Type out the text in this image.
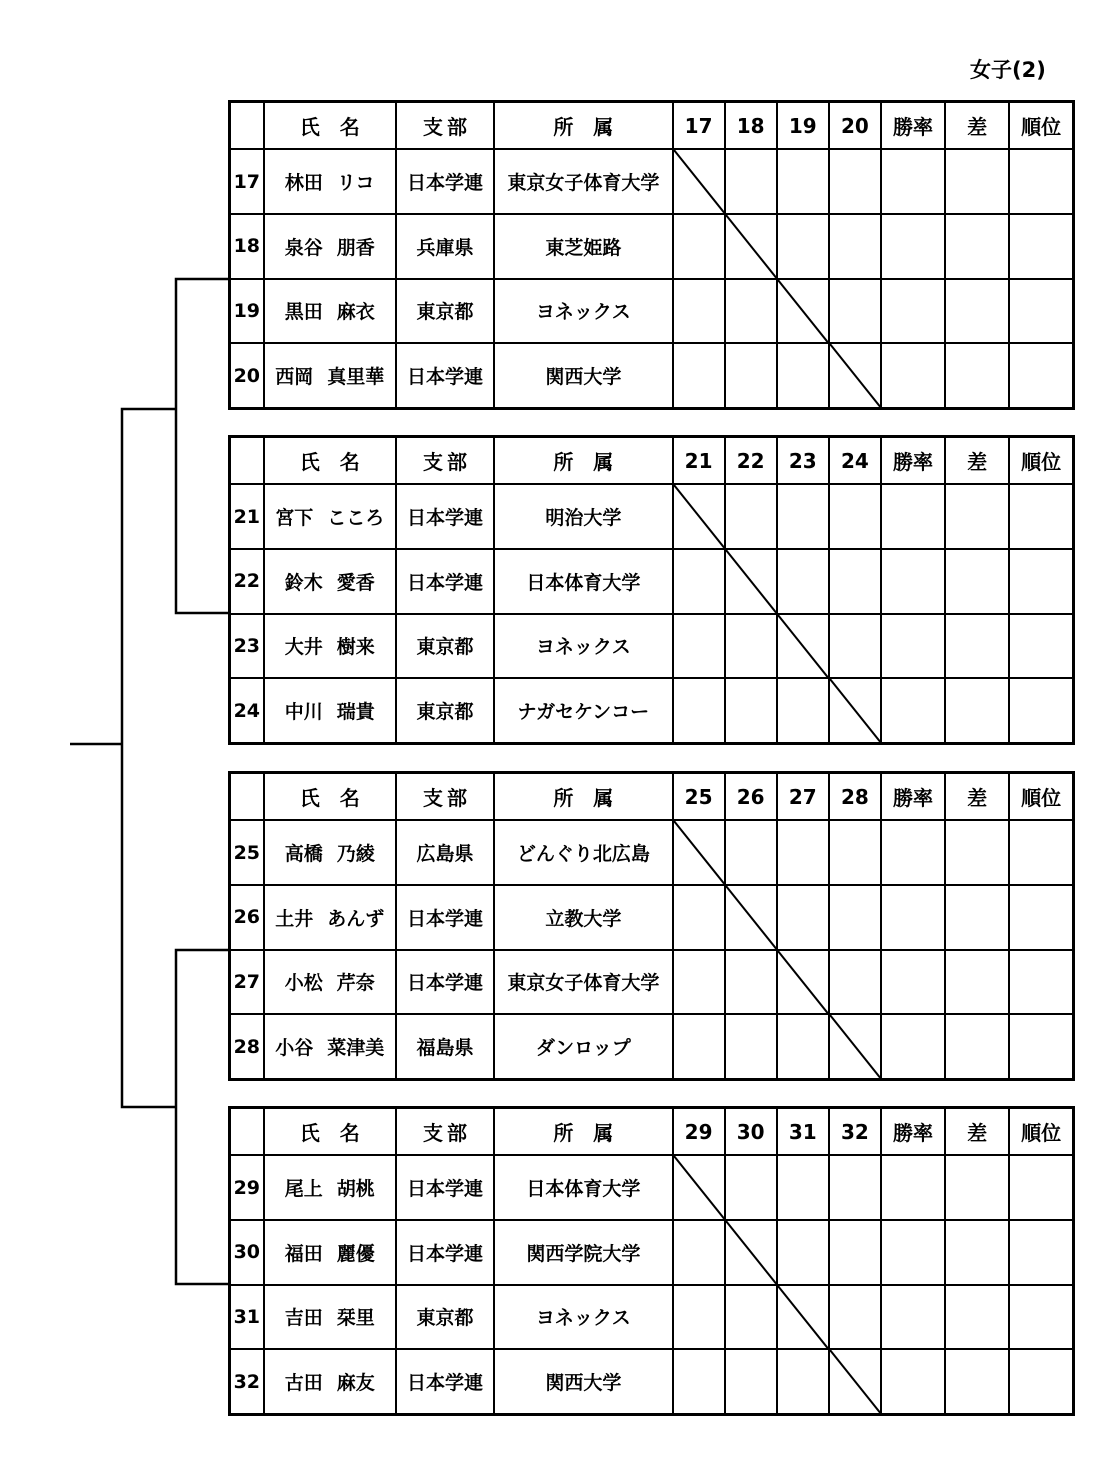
女子(2)
	氏　名	支部	所　属	17	18	19	20	勝率	差	順位
17	林田 リコ	日本学連	東京女子体育大学	

18	泉谷 朋香	兵庫県	東芝姫路		

19	黒田 麻衣	東京都	ヨネックス			

20	西岡 真里華	日本学連	関西大学				

	氏　名	支部	所　属	21	22	23	24	勝率	差	順位
21	宮下 こころ	日本学連	明治大学	

22	鈴木 愛香	日本学連	日本体育大学		

23	大井 樹来	東京都	ヨネックス			

24	中川 瑞貴	東京都	ナガセケンコー				

	氏　名	支部	所　属	25	26	27	28	勝率	差	順位
25	高橋 乃綾	広島県	どんぐり北広島	

26	土井 あんず	日本学連	立教大学		

27	小松 芹奈	日本学連	東京女子体育大学			

28	小谷 菜津美	福島県	ダンロップ				

	氏　名	支部	所　属	29	30	31	32	勝率	差	順位
29	尾上 胡桃	日本学連	日本体育大学	

30	福田 麗優	日本学連	関西学院大学		

31	吉田 栞里	東京都	ヨネックス			

32	古田 麻友	日本学連	関西大学				
